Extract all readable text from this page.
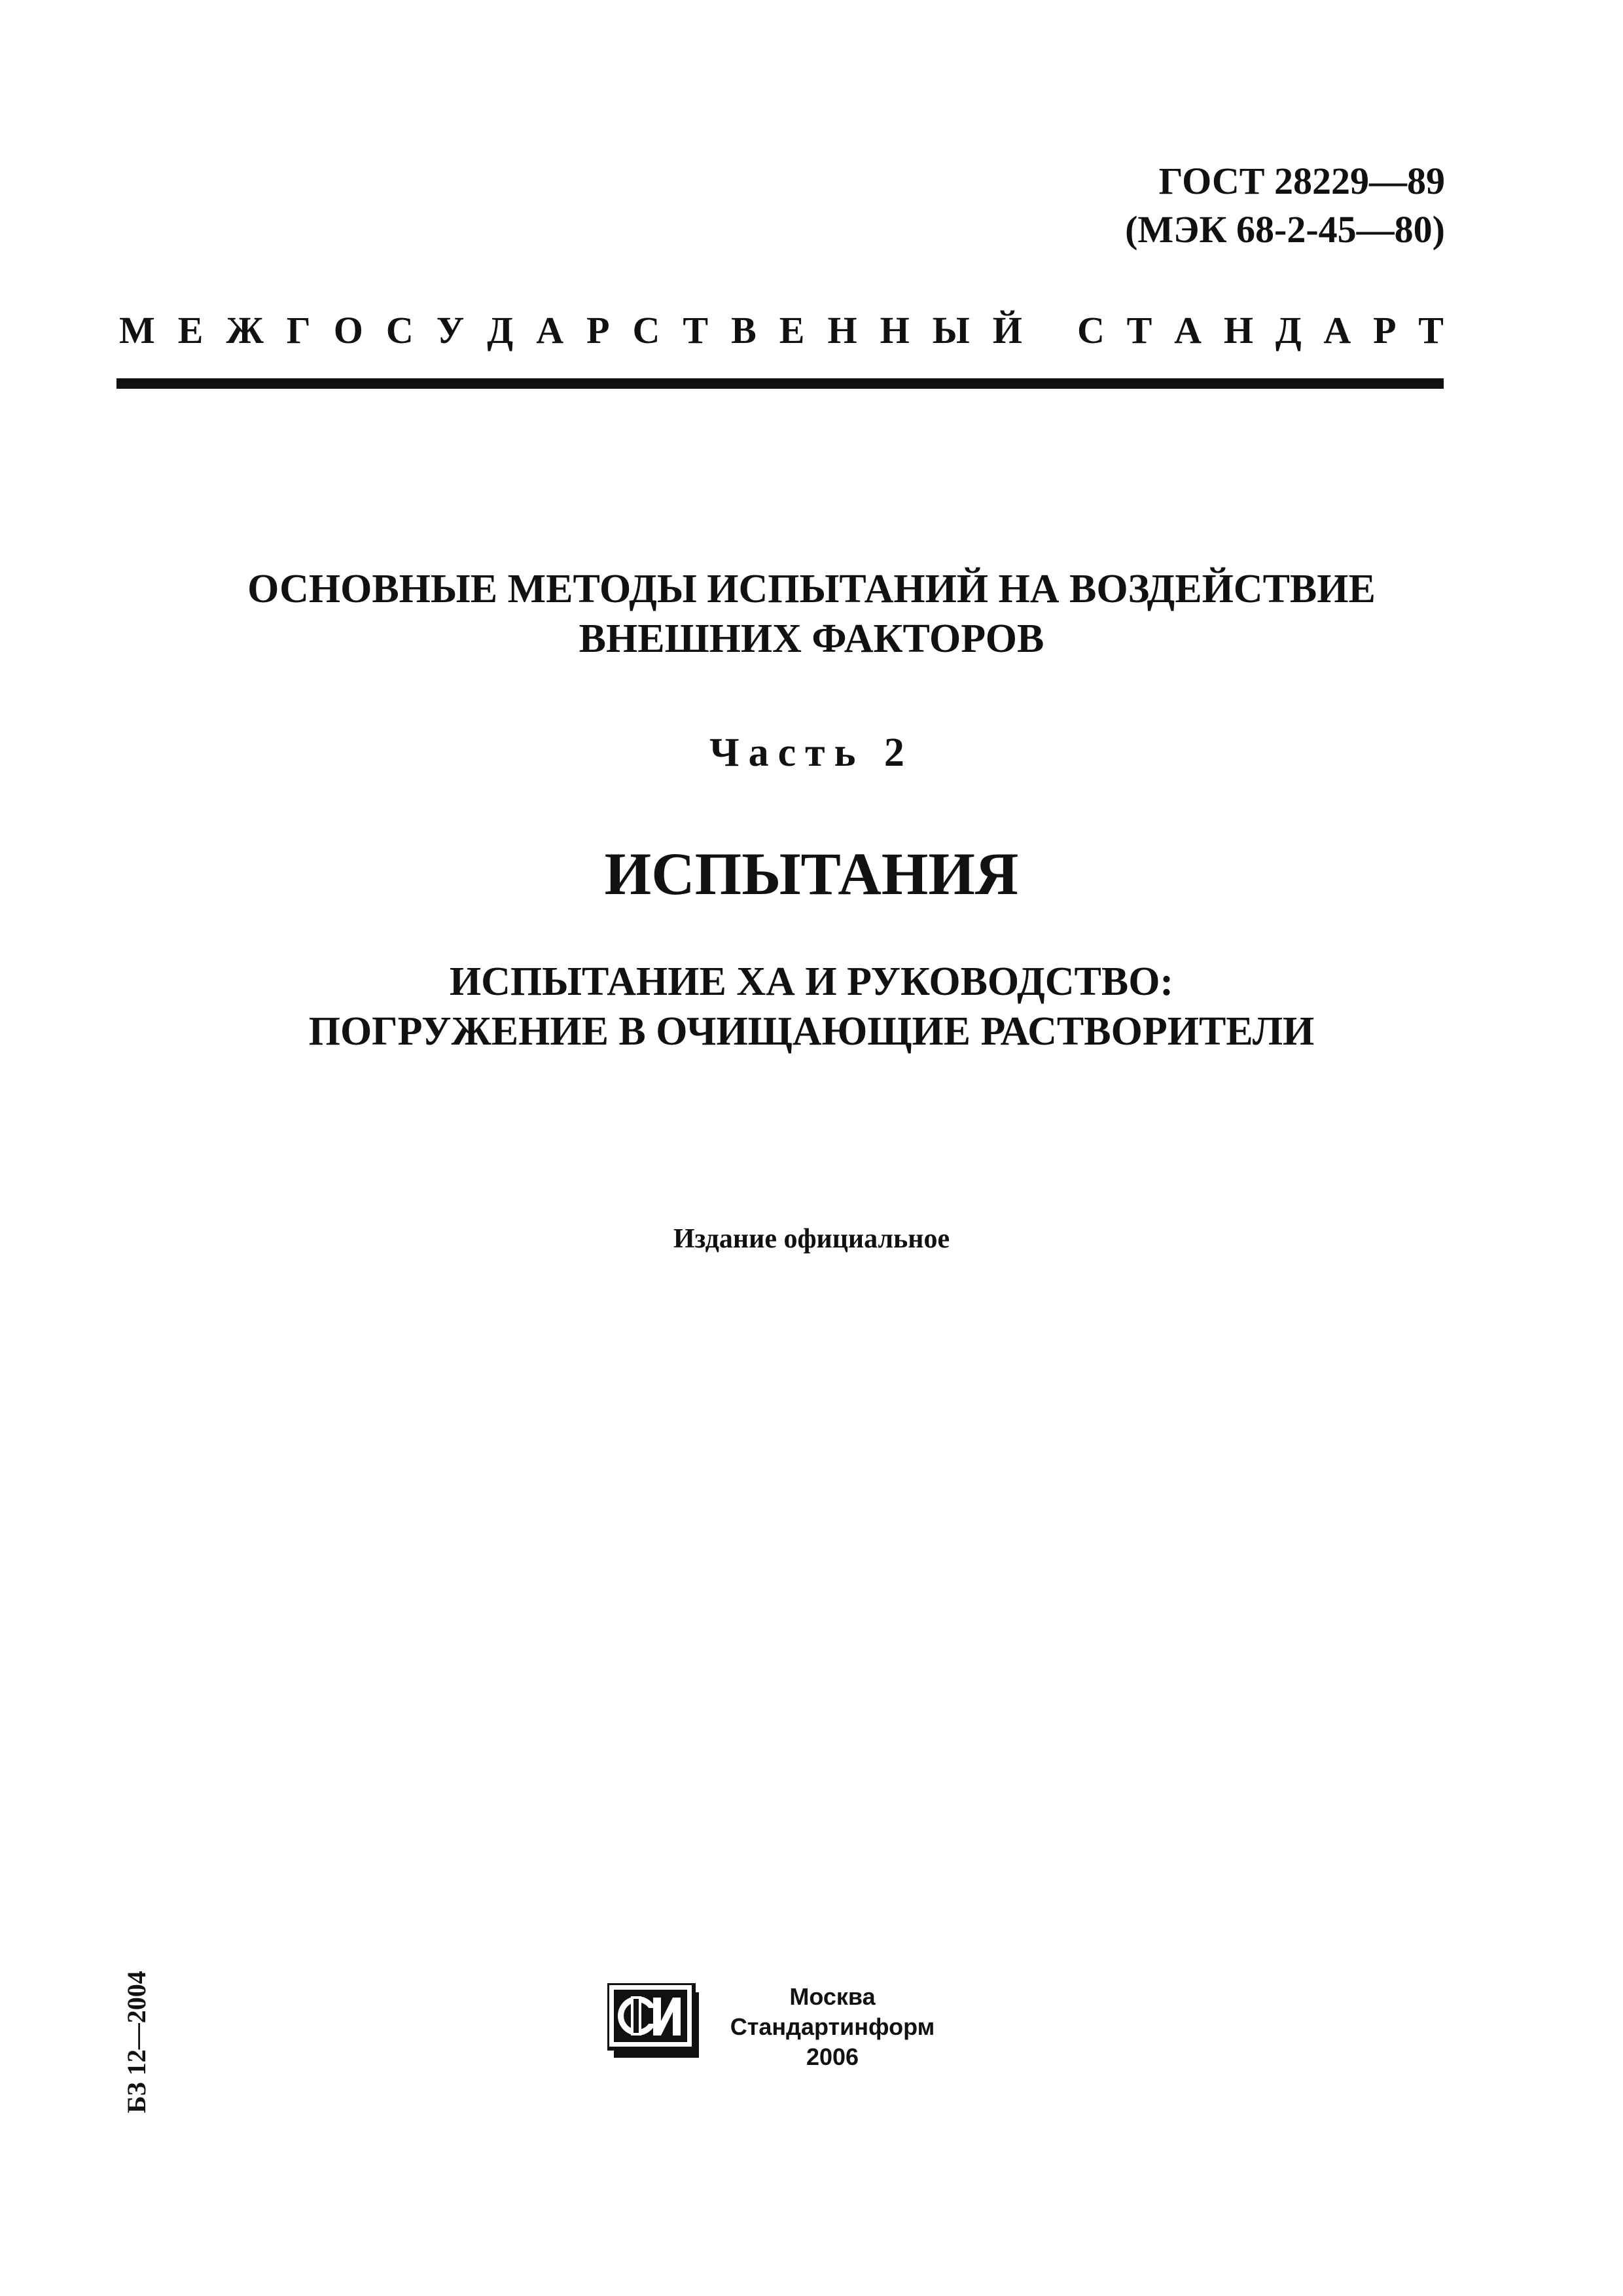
ГОСТ 28229—89
(МЭК 68-2-45—80)
М Е Ж Г О С У Д А Р С Т В Е Н Н Ы Й С Т А Н Д А Р Т
ОСНОВНЫЕ МЕТОДЫ ИСПЫТАНИЙ НА ВОЗДЕЙСТВИЕ
ВНЕШНИХ ФАКТОРОВ
Часть 2
ИСПЫТАНИЯ
ИСПЫТАНИЕ ХА И РУКОВОДСТВО:
ПОГРУЖЕНИЕ В ОЧИЩАЮЩИЕ РАСТВОРИТЕЛИ
Издание официальное
БЗ 12—2004	Москва
Стандартинформ
2006
